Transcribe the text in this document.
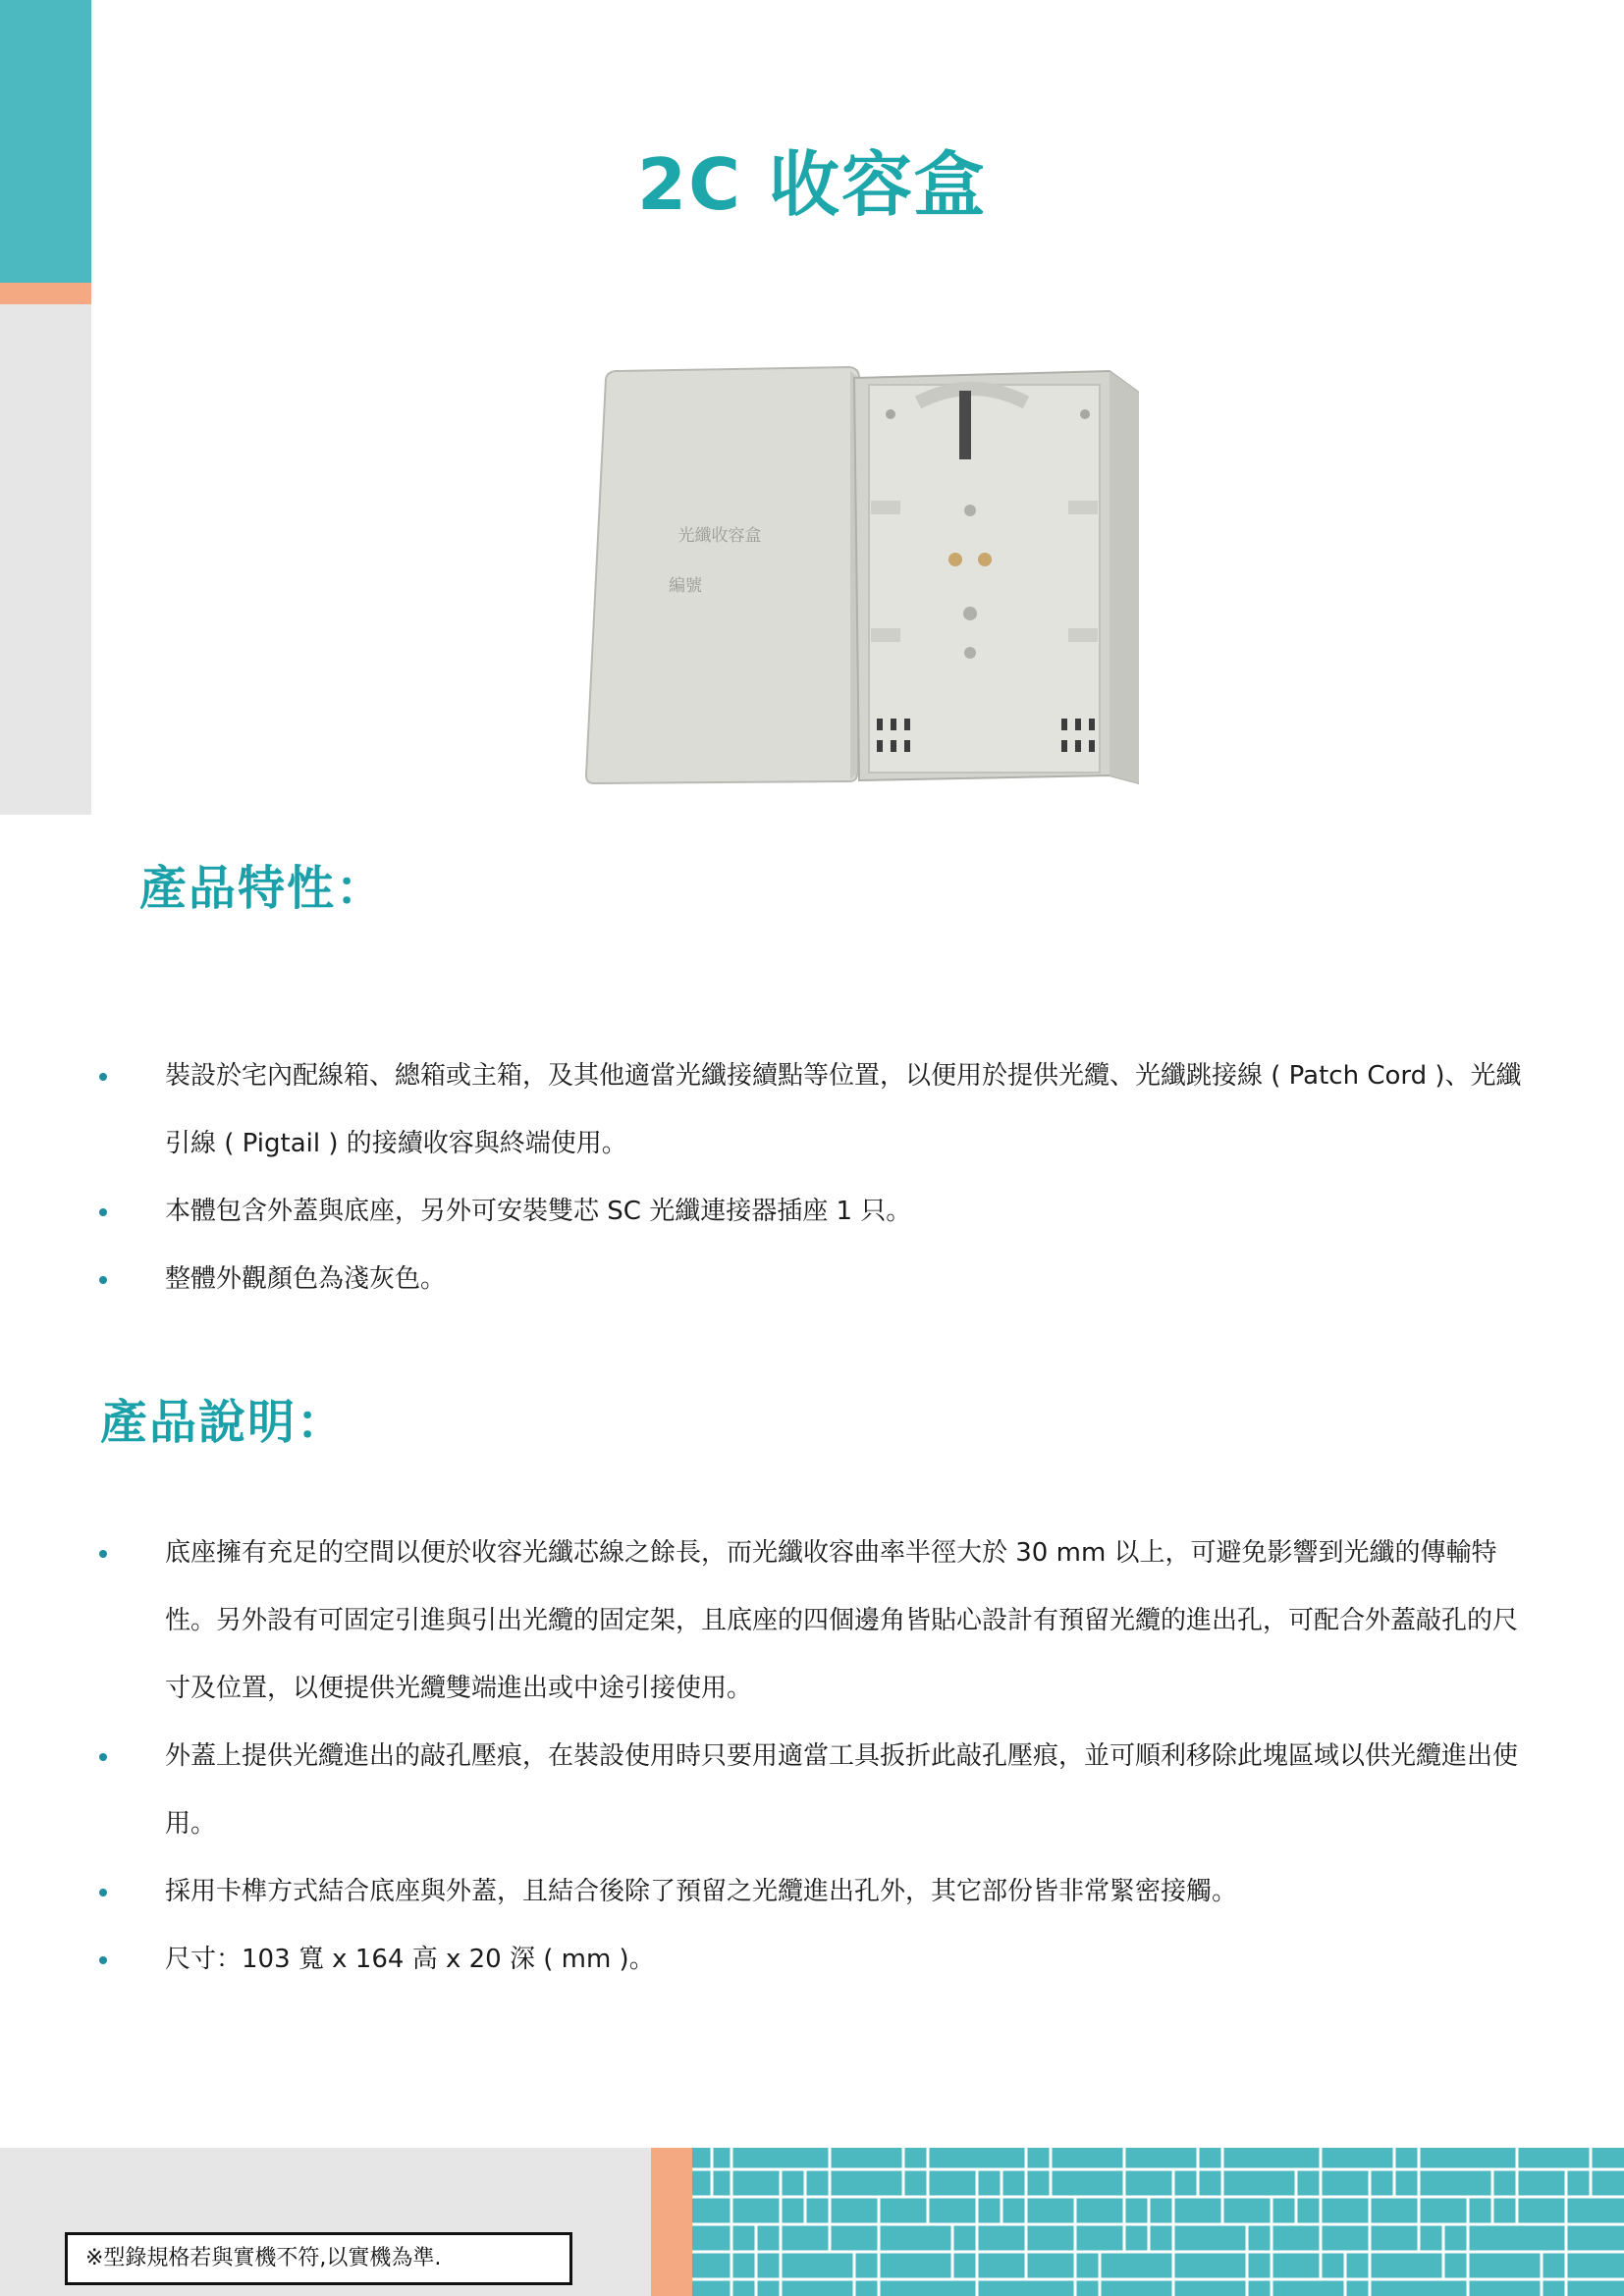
2C 收容盒
光纖收容盒
編號
產品特性：
裝設於宅內配線箱、總箱或主箱，及其他適當光纖接續點等位置，以便用於提供光纜、光纖跳接線 ( Patch Cord )、光纖引線 ( Pigtail ) 的接續收容與終端使用。
本體包含外蓋與底座，另外可安裝雙芯 SC 光纖連接器插座 1 只。
整體外觀顏色為淺灰色。
產品說明：
底座擁有充足的空間以便於收容光纖芯線之餘長，而光纖收容曲率半徑大於 30 mm 以上，可避免影響到光纖的傳輸特性。另外設有可固定引進與引出光纜的固定架，且底座的四個邊角皆貼心設計有預留光纜的進出孔，可配合外蓋敲孔的尺寸及位置，以便提供光纜雙端進出或中途引接使用。
外蓋上提供光纜進出的敲孔壓痕，在裝設使用時只要用適當工具扳折此敲孔壓痕，並可順利移除此塊區域以供光纜進出使用。
採用卡榫方式結合底座與外蓋，且結合後除了預留之光纜進出孔外，其它部份皆非常緊密接觸。
尺寸：103 寬 x 164 高 x 20 深 ( mm )。
※型錄規格若與實機不符,以實機為準.
